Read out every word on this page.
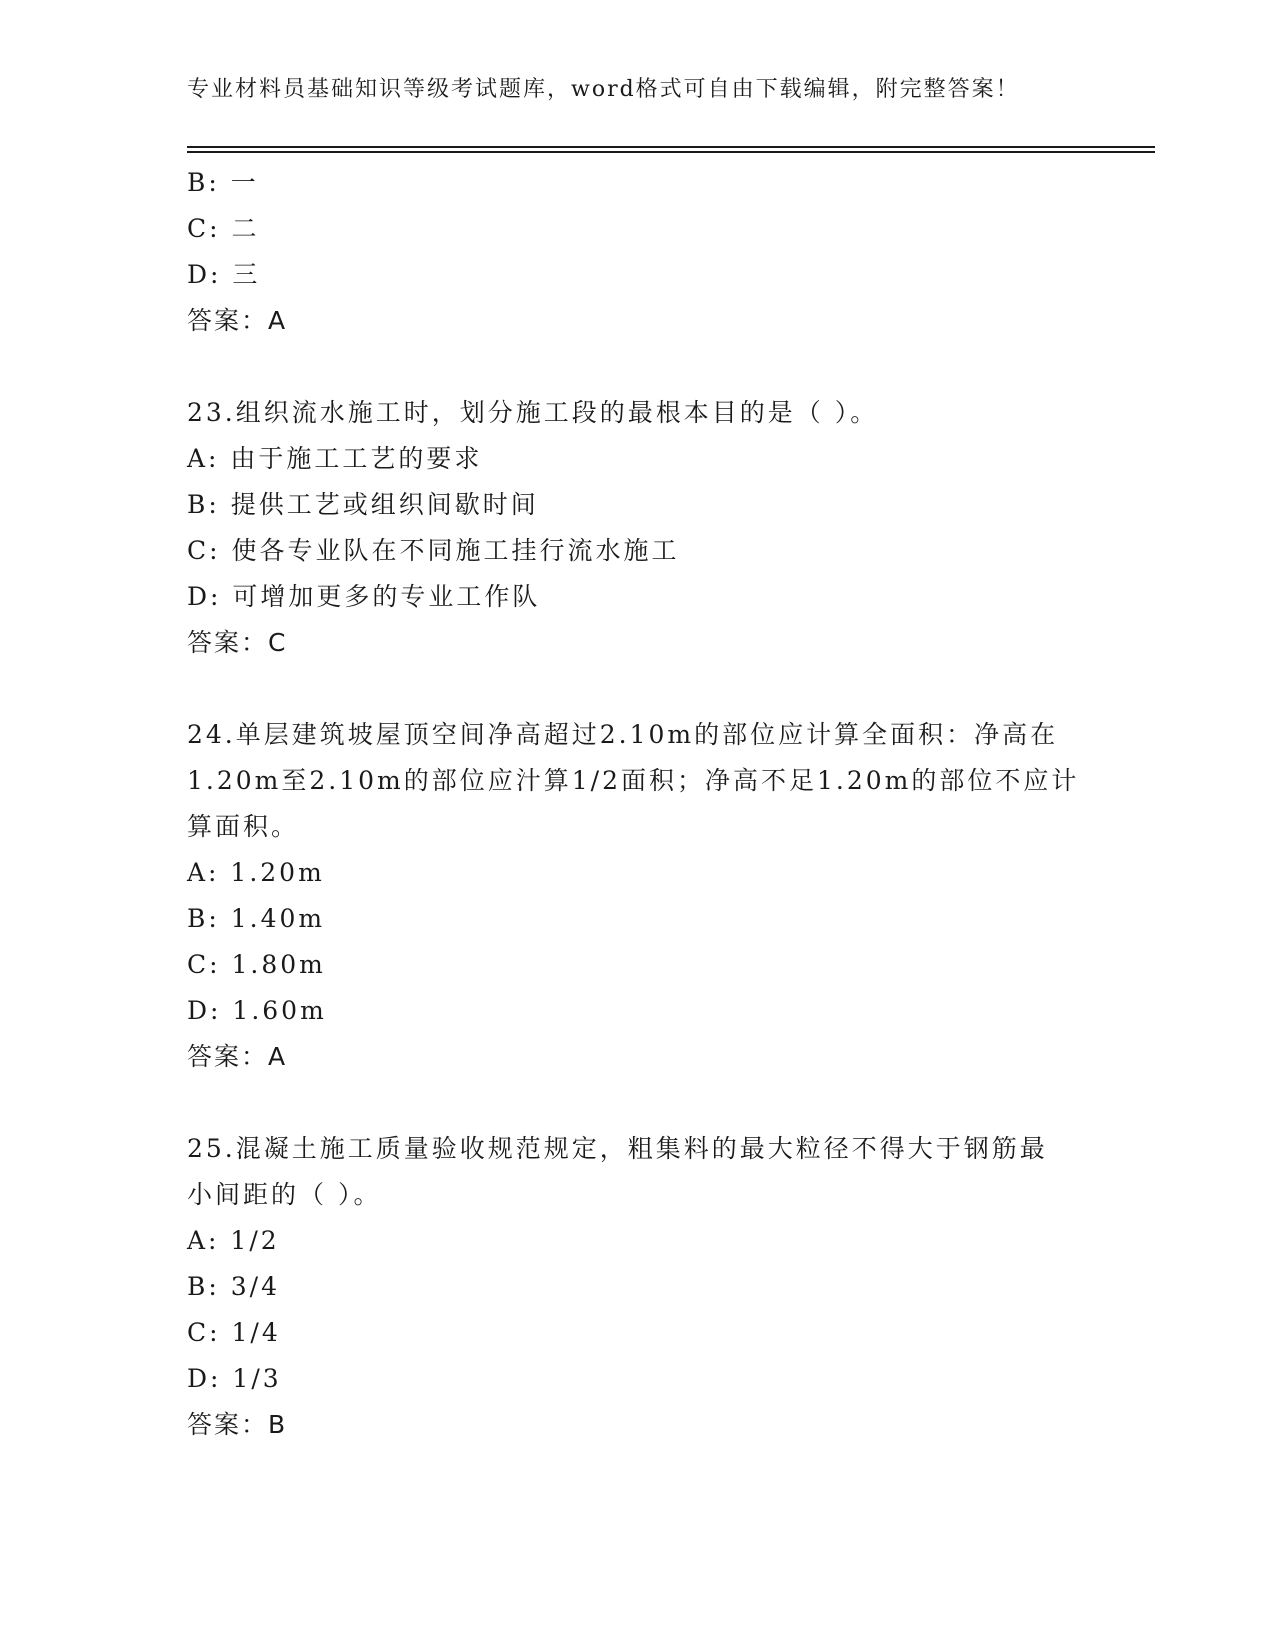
专业材料员基础知识等级考试题库，word格式可自由下载编辑，附完整答案！
B: 一
C: 二
D: 三
答案：A
23.组织流水施工时，划分施工段的最根本目的是（ ）。
A: 由于施工工艺的要求
B: 提供工艺或组织间歇时间
C: 使各专业队在不同施工挂行流水施工
D: 可增加更多的专业工作队
答案：C
24.单层建筑坡屋顶空间净高超过2.10m的部位应计算全面积：净高在
1.20m至2.10m的部位应汁算1/2面积；净高不足1.20m的部位不应计
算面积。
A: 1.20m
B: 1.40m
C: 1.80m
D: 1.60m
答案：A
25.混凝土施工质量验收规范规定，粗集料的最大粒径不得大于钢筋最
小间距的（ ）。
A: 1/2
B: 3/4
C: 1/4
D: 1/3
答案：B
